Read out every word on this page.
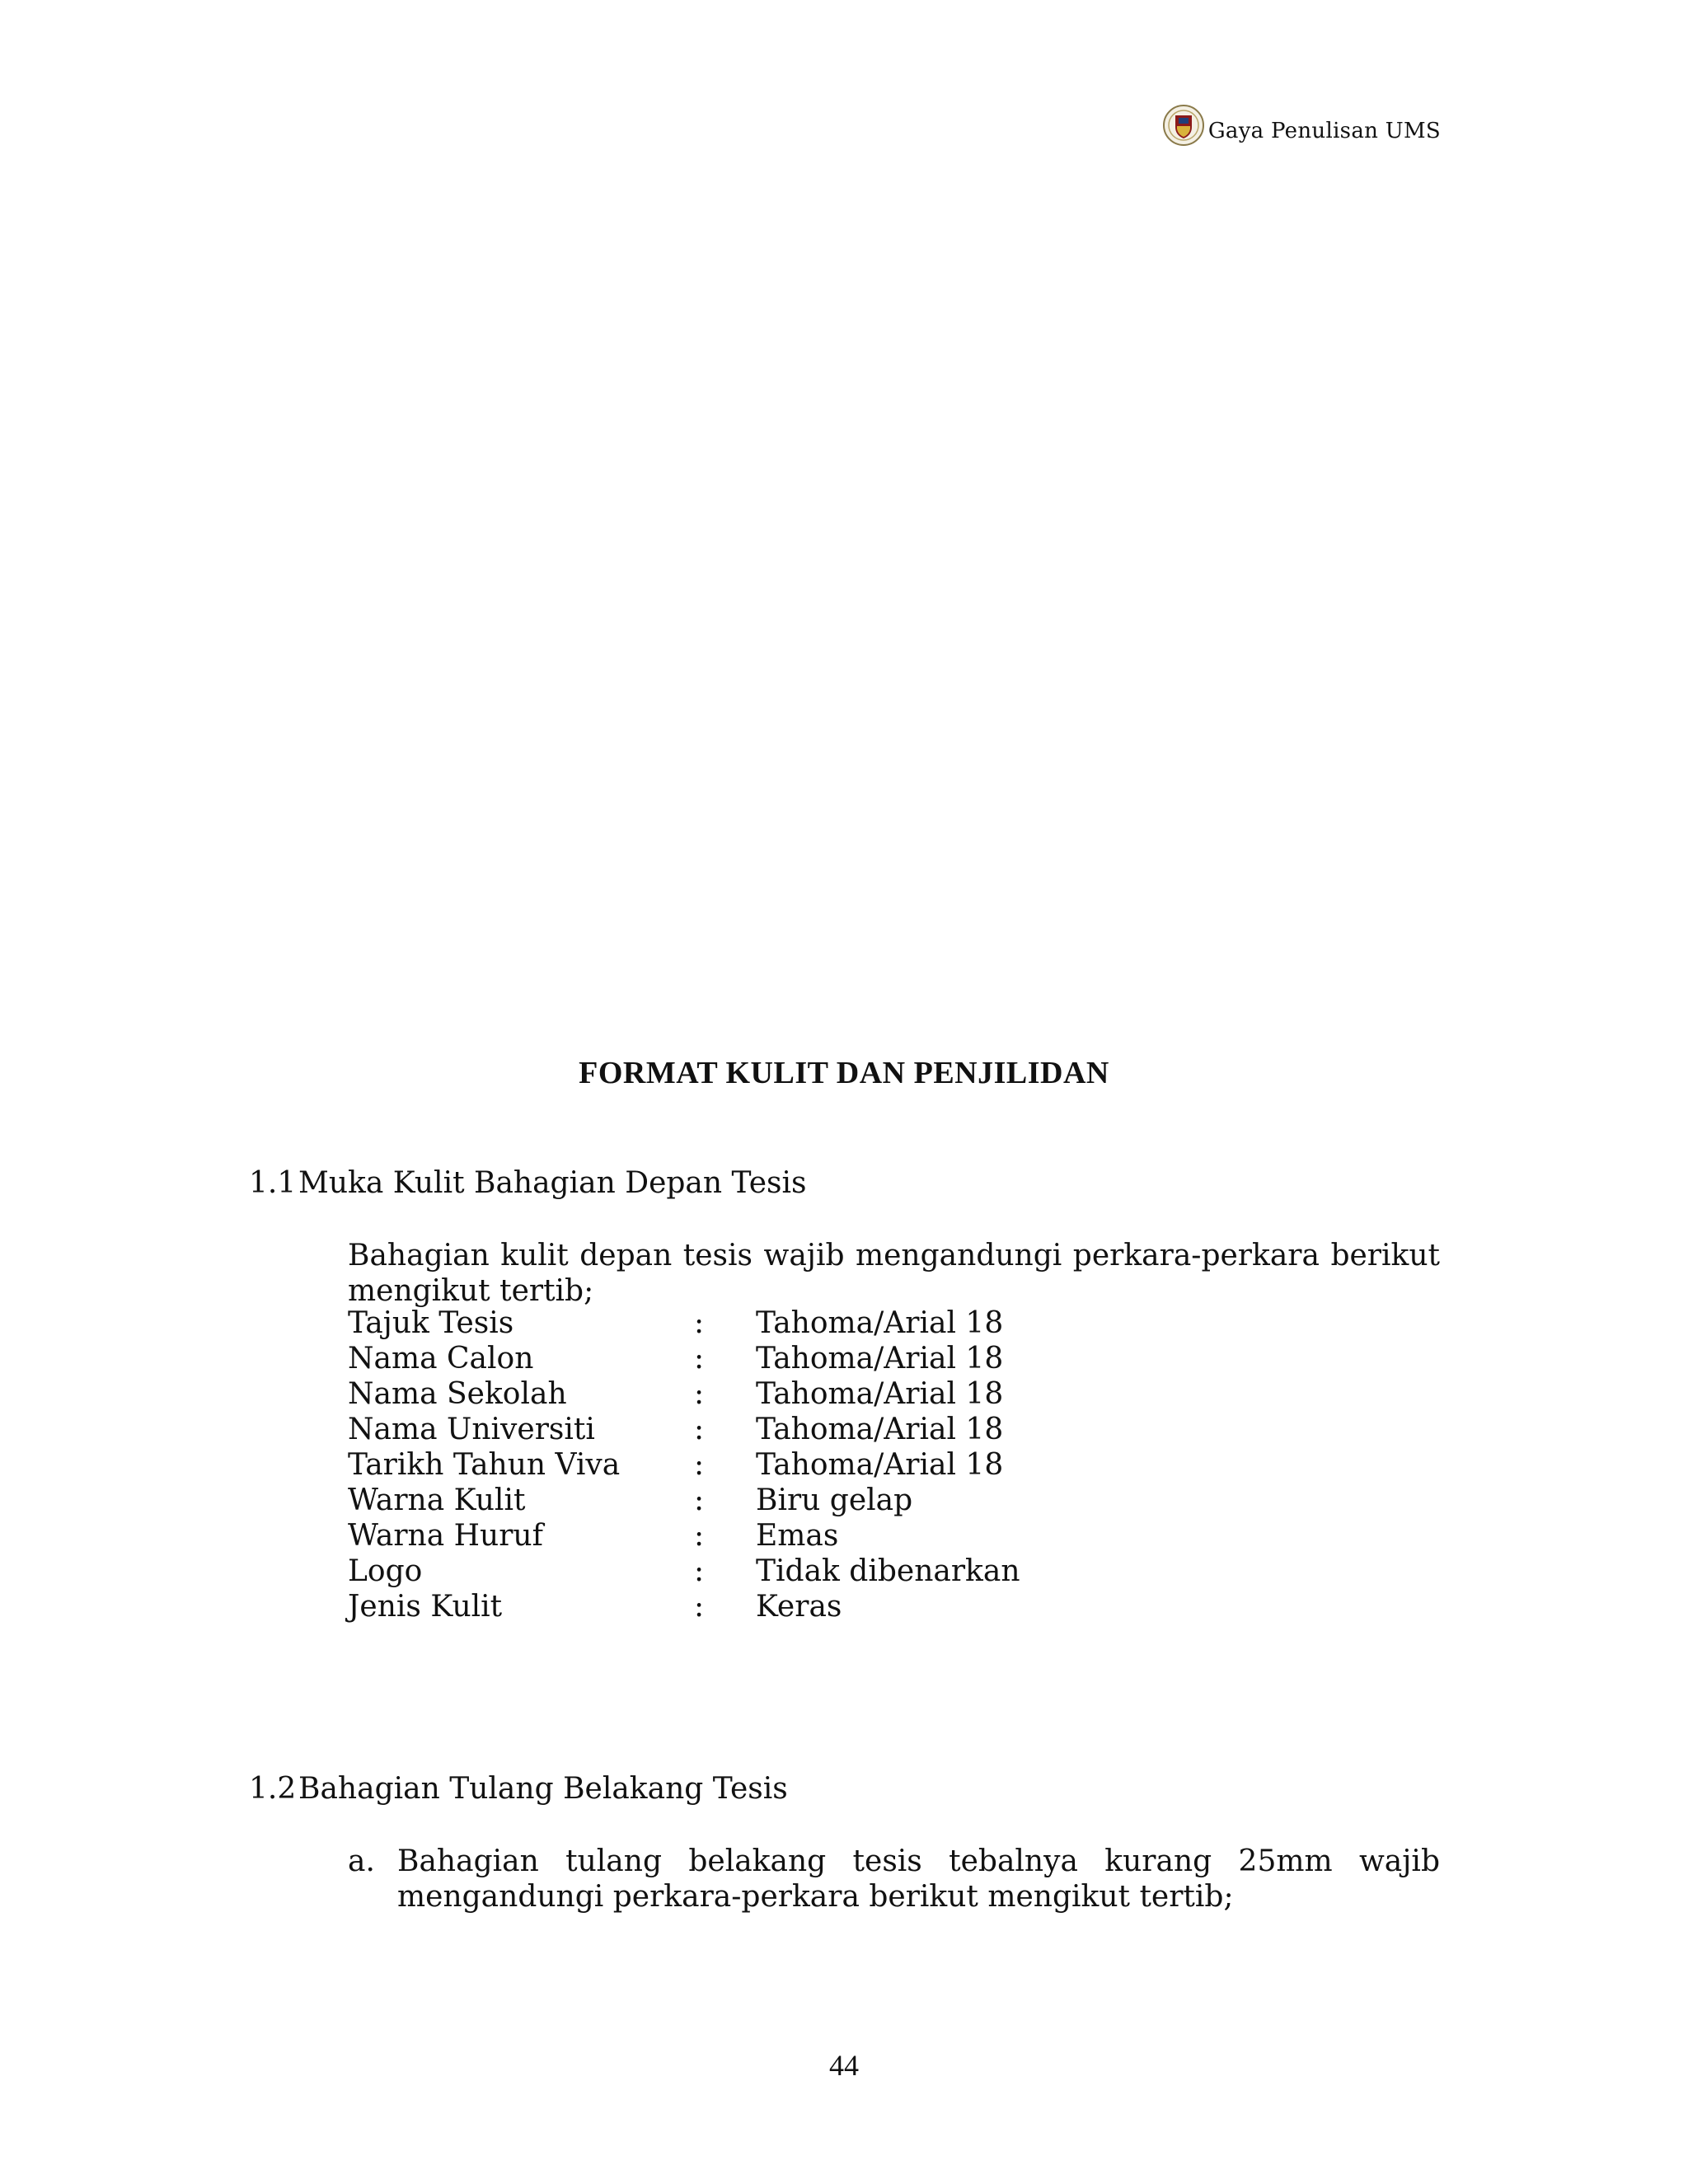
Gaya Penulisan UMS
FORMAT KULIT DAN PENJILIDAN
1.1Muka Kulit Bahagian Depan Tesis
Bahagian kulit depan tesis wajib mengandungi perkara-perkara berikut
mengikut tertib;
Tajuk Tesis	:	Tahoma/Arial 18
Nama Calon	:	Tahoma/Arial 18
Nama Sekolah	:	Tahoma/Arial 18
Nama Universiti	:	Tahoma/Arial 18
Tarikh Tahun Viva	:	Tahoma/Arial 18
Warna Kulit	:	Biru gelap
Warna Huruf	:	Emas
Logo	:	Tidak dibenarkan
Jenis Kulit	:	Keras
1.2Bahagian Tulang Belakang Tesis
a. Bahagian tulang belakang tesis tebalnya kurang 25mm wajib
mengandungi perkara-perkara berikut mengikut tertib;
44
